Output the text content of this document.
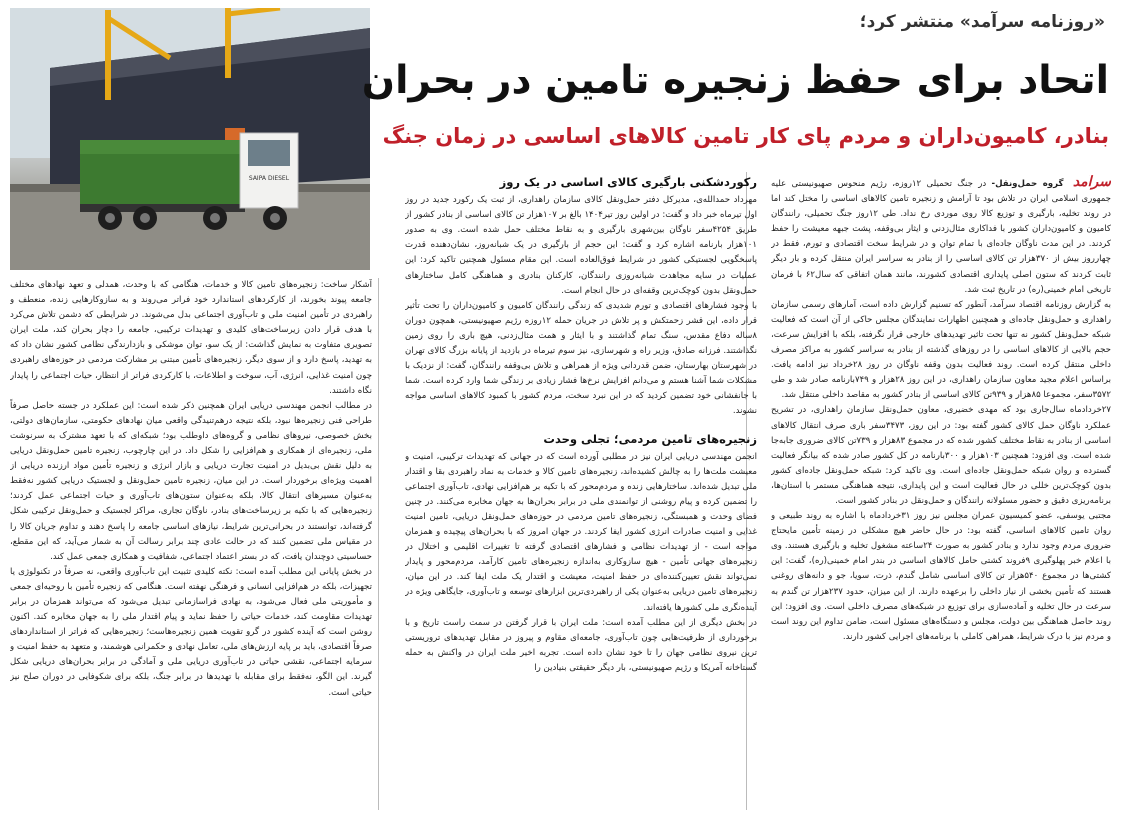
SAIPA DIESEL
«روزنامه سرآمد» منتشر کرد؛
اتحاد برای حفظ زنجیره تامین در بحران
بنادر، کامیون‌داران و مردم پای کار تامین کالاهای اساسی در زمان جنگ

سرآمد گروه حمل‌ونقل- در جنگ تحمیلی ۱۲روزه، رژیم منحوس صهیونیستی علیه جمهوری اسلامی ایران در تلاش بود تا آرامش و زنجیره تامین کالاهای اساسی را مختل کند اما در روند تخلیه، بارگیری و توزیع کالا روی موردی رخ نداد. طی ۱۲روز جنگ تحمیلی، رانندگان کامیون و کامیون‌داران کشور با فداکاری مثال‌زدنی و ایثار بی‌وقفه، پشت جبهه معیشت را حفظ کردند. در این مدت ناوگان جاده‌ای با تمام توان و در شرایط سخت اقتصادی و تورم، فقط در چهارروز بیش از ۳۷۰هزار تن کالای اساسی را از بنادر به سراسر ایران منتقل کرده و بار دیگر ثابت کردند که ستون اصلی پایداری اقتصادی کشورند، مانند همان اتفاقی که سال۶۲ با فرمان تاریخی امام خمینی(ره) در تاریخ ثبت شد.

به گزارش روزنامه اقتصاد سرآمد، آنطور که تسنیم گزارش داده است، آمارهای رسمی سازمان راهداری و حمل‌ونقل جاده‌ای و همچنین اظهارات نمایندگان مجلس حاکی از آن است که فعالیت شبکه حمل‌ونقل کشور نه تنها تحت تاثیر تهدیدهای خارجی قرار نگرفته، بلکه با افزایش سرعت، حجم بالایی از کالاهای اساسی را در روزهای گذشته از بنادر به سراسر کشور به مراکز مصرف داخلی منتقل کرده است. روند فعالیت بدون وقفه ناوگان در روز ۲۸خرداد نیز ادامه یافت. براساس اعلام مجید معاون سازمان راهداری، در این روز ۲۸هزار و ۷۴۹بارنامه صادر شد و طی ۳۵۷۲سفر، مجموعا ۸۵هزار و ۹۳۹تن کالای اساسی از بنادر کشور به مقاصد داخلی منتقل شد.

۲۷خردادماه سال‌جاری بود که مهدی خضیری، معاون حمل‌ونقل سازمان راهداری، در تشریح عملکرد ناوگان حمل کالای کشور گفته بود: در این روز، ۳۴۷۳سفر باری صرف انتقال کالاهای اساسی از بنادر به نقاط مختلف کشور شده که در مجموع ۸۳هزار و ۷۳۹تن کالای ضروری جابه‌جا شده است. وی افزود: همچنین ۱۰۳هزار و ۳۰۰بارنامه در کل کشور صادر شده که بیانگر فعالیت گسترده و روان شبکه حمل‌ونقل جاده‌ای است. وی تاکید کرد: شبکه حمل‌ونقل جاده‌ای کشور بدون کوچک‌ترین خللی در حال فعالیت است و این پایداری، نتیجه هماهنگی مستمر با استان‌ها، برنامه‌ریزی دقیق و حضور مسئولانه رانندگان و حمل‌ونقل در بنادر کشور است.

مجتبی یوسفی، عضو کمیسیون عمران مجلس نیز روز ۳۱خردادماه با اشاره به روند طبیعی و روان تامین کالاهای اساسی، گفته بود: در حال حاضر هیچ مشکلی در زمینه تأمین مایحتاج ضروری مردم وجود ندارد و بنادر کشور به صورت ۲۴ساعته مشغول تخلیه و بارگیری هستند. وی با اعلام خبر پهلوگیری ۹فروند کشتی حامل کالاهای اساسی در بندر امام خمینی(ره)، گفت: این کشتی‌ها در مجموع ۵۴۰هزار تن کالای اساسی شامل گندم، ذرت، سویا، جو و دانه‌های روغنی هستند که تأمین بخشی از نیاز داخلی را برعهده دارند. از این میزان، حدود ۲۳۷هزار تن گندم به سرعت در حال تخلیه و آماده‌سازی برای توزیع در شبکه‌های مصرف داخلی است. وی افزود: این روند حاصل هماهنگی بین دولت، مجلس و دستگاه‌های مسئول است، ضامن تداوم این روند است و مردم نیز با درک شرایط، همراهی کاملی با برنامه‌های اجرایی کشور دارند.

رکوردشکنی بارگیری کالای اساسی در یک روز

مهرداد حمدالله‌ی، مدیرکل دفتر حمل‌ونقل کالای سازمان راهداری، از ثبت یک رکورد جدید در روز اول تیرماه خبر داد و گفت: در اولین روز تیر۱۴۰۴ بالغ بر ۱۰۷هزار تن کالای اساسی از بنادر کشور از طریق ۴۲۵۴سفر ناوگان بین‌شهری بارگیری و به نقاط مختلف حمل شده است. وی به صدور ۱۰۱هزار بارنامه اشاره کرد و گفت: این حجم از بارگیری در یک شبانه‌روز، نشان‌دهنده قدرت پاسخگویی لجستیکی کشور در شرایط فوق‌العاده است. این مقام مسئول همچنین تاکید کرد: این عملیات در سایه مجاهدت شبانه‌روزی رانندگان، کارکنان بنادری و هماهنگی کامل ساختارهای حمل‌ونقل بدون کوچک‌ترین وقفه‌ای در حال انجام است.

با وجود فشارهای اقتصادی و تورم شدیدی که زندگی رانندگان کامیون و کامیون‌داران را تحت تأثیر قرار داده، این قشر زحمتکش و پر تلاش در جریان حمله ۱۲روزه رژیم صهیونیستی، همچون دوران ۸ساله دفاع مقدس، سنگ تمام گذاشتند و با ایثار و همت مثال‌زدنی، هیچ باری را روی زمین نگذاشتند. فرزانه صادق، وزیر راه و شهرسازی، نیز سوم تیرماه در بازدید از پایانه بزرگ کالای تهران در شهرستان بهارستان، ضمن قدردانی ویژه از همراهی و تلاش بی‌وقفه رانندگان، گفت: از نزدیک با مشکلات شما آشنا هستم و می‌دانم افزایش نرخ‌ها فشار زیادی بر زندگی شما وارد کرده است. شما با جانفشانی خود تضمین کردید که در این نبرد سخت، مردم کشور با کمبود کالاهای اساسی مواجه نشوند.

زنجیره‌های تامین مردمی؛ تجلی وحدت

انجمن مهندسی دریایی ایران نیز در مطلبی آورده است که در جهانی که تهدیدات ترکیبی، امنیت و معیشت ملت‌ها را به چالش کشیده‌اند، زنجیره‌های تامین کالا و خدمات به نماد راهبردی بقا و اقتدار ملی تبدیل شده‌اند. ساختارهایی زنده و مردم‌محور که با تکیه بر هم‌افزایی نهادی، تاب‌آوری اجتماعی را تضمین کرده و پیام روشنی از توانمندی ملی در برابر بحران‌ها به جهان مخابره می‌کنند. در چنین فضای وحدت و همبستگی، زنجیره‌های تامین مردمی در حوزه‌های حمل‌ونقل دریایی، تامین امنیت غذایی و امنیت صادرات انرژی کشور ایفا کردند. در جهان امروز که با بحران‌های پیچیده و همزمان مواجه است - از تهدیدات نظامی و فشارهای اقتصادی گرفته تا تغییرات اقلیمی و اختلال در زنجیره‌های جهانی تأمین - هیچ سازوکاری به‌اندازه زنجیره‌های تامین کارآمد، مردم‌محور و پایدار نمی‌تواند نقش تعیین‌کننده‌ای در حفظ امنیت، معیشت و اقتدار یک ملت ایفا کند. در این میان، زنجیره‌های تامین دریایی به‌عنوان یکی از راهبردی‌ترین ابزارهای توسعه و تاب‌آوری، جایگاهی ویژه در آینده‌نگری ملی کشورها یافته‌اند.

در بخش دیگری از این مطلب آمده است: ملت ایران با قرار گرفتن در سمت راست تاریخ و با برخورداری از ظرفیت‌هایی چون تاب‌آوری، جامعه‌ای مقاوم و پیروز در مقابل تهدیدهای تروریستی ترین نیروی نظامی جهان را تا خود نشان داده است. تجربه اخیر ملت ایران در واکنش به حمله گستاخانه آمریکا و رژیم صهیونیستی، بار دیگر حقیقتی بنیادین را

آشکار ساخت: زنجیره‌های تامین کالا و خدمات، هنگامی که با وحدت، همدلی و تعهد نهادهای مختلف جامعه پیوند بخورند، از کارکردهای استاندارد خود فراتر می‌روند و به سازوکارهایی زنده، منعطف و راهبردی در تأمین امنیت ملی و تاب‌آوری اجتماعی بدل می‌شوند. در شرایطی که دشمن تلاش می‌کرد با هدف قرار دادن زیرساخت‌های کلیدی و تهدیدات ترکیبی، جامعه را دچار بحران کند، ملت ایران تصویری متفاوت به نمایش گذاشت: از یک سو، توان موشکی و بازدارندگی نظامی کشور نشان داد که به تهدید، پاسخ دارد و از سوی دیگر، زنجیره‌های تأمین مبتنی بر مشارکت مردمی در حوزه‌های راهبردی چون امنیت غذایی، انرژی، آب، سوخت و اطلاعات، با کارکردی فراتر از انتظار، حیات اجتماعی را پایدار نگاه داشتند.

در مطالب انجمن مهندسی دریایی ایران همچنین ذکر شده است: این عملکرد در جسته حاصل صرفاً طراحی فنی زنجیره‌ها نبود، بلکه نتیجه درهم‌تنیدگی واقعی میان نهادهای حکومتی، سازمان‌های دولتی، بخش خصوصی، نیروهای نظامی و گروه‌های داوطلب بود؛ شبکه‌ای که با تعهد مشترک به سرنوشت ملی، زنجیره‌ای از همکاری و هم‌افزایی را شکل داد. در این چارچوب، زنجیره تامین حمل‌ونقل دریایی به دلیل نقش بی‌بدیل در امنیت تجارت دریایی و بازار انرژی و زنجیره تأمین مواد ارزنده دریایی از اهمیت ویژه‌ای برخوردار است. در این میان، زنجیره تامین حمل‌ونقل و لجستیک دریایی کشور نه‌فقط به‌عنوان مسیرهای انتقال کالا، بلکه به‌عنوان ستون‌های تاب‌آوری و حیات اجتماعی عمل کردند؛ زنجیره‌هایی که با تکیه بر زیرساخت‌های بنادر، ناوگان تجاری، مراکز لجستیک و حمل‌ونقل ترکیبی شکل گرفته‌اند، توانستند در بحرانی‌ترین شرایط، نیازهای اساسی جامعه را پاسخ دهند و تداوم جریان کالا را در مقیاس ملی تضمین کنند که در حالت عادی چند برابر رسالت آن به شمار می‌آید، که این مقطع، حساسیتی دوچندان یافت، که در بستر اعتماد اجتماعی، شفافیت و همکاری جمعی عمل کند.

در بخش پایانی این مطلب آمده است: نکته کلیدی تثبیت این تاب‌آوری واقعی، نه صرفاً در تکنولوژی یا تجهیزات، بلکه در هم‌افزایی انسانی و فرهنگی نهفته است. هنگامی که زنجیره تأمین با روحیه‌ای جمعی و مأموریتی ملی فعال می‌شود، به نهادی فراسازمانی تبدیل می‌شود که می‌تواند همزمان در برابر تهدیدات مقاومت کند، خدمات حیاتی را حفظ نماید و پیام اقتدار ملی را به جهان مخابره کند. اکنون روشن است که آینده کشور در گرو تقویت همین زنجیره‌هاست؛ زنجیره‌هایی که فراتر از استانداردهای صرفاً اقتصادی، باید بر پایه ارزش‌های ملی، تعامل نهادی و حکمرانی هوشمند، و متعهد به حفظ امنیت و سرمایه اجتماعی، نقشی حیاتی در تاب‌آوری دریایی ملی و آمادگی در برابر بحران‌های دریایی شکل گیرند. این الگو، نه‌فقط برای مقابله با تهدیدها در برابر جنگ، بلکه برای شکوفایی در دوران صلح نیز حیاتی است.
